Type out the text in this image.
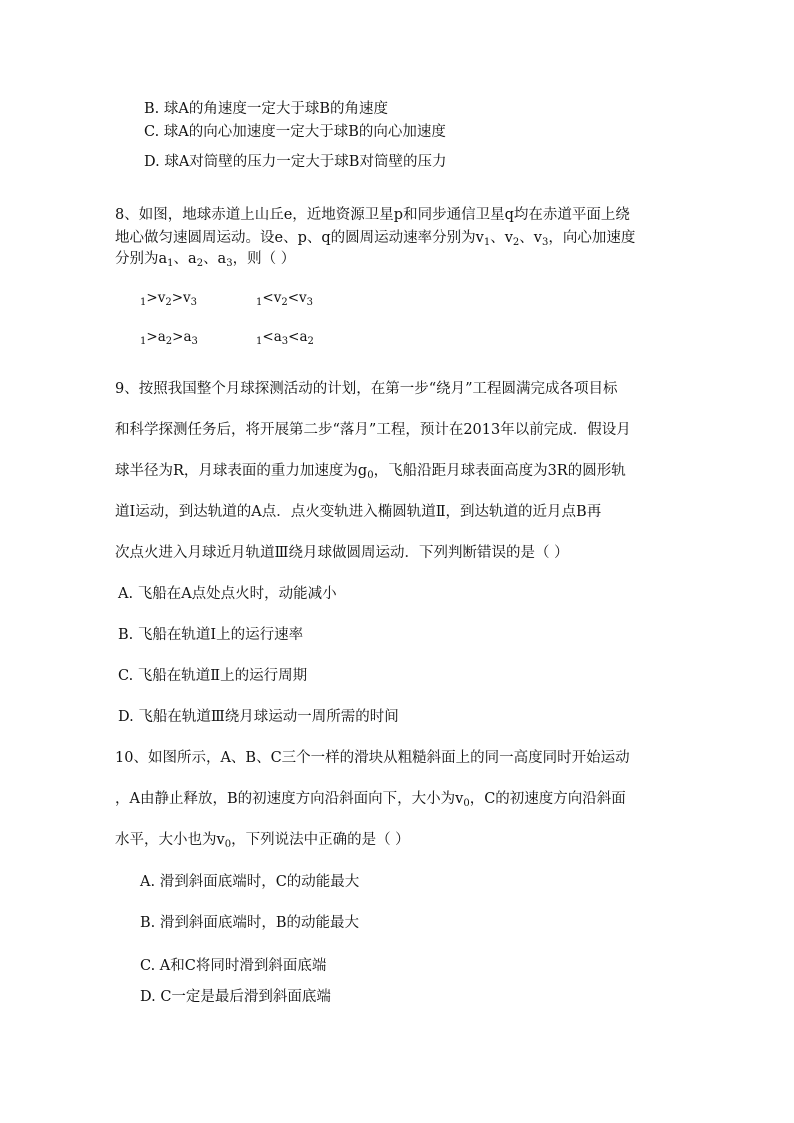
B. 球A的角速度一定大于球B的角速度
C. 球A的向心加速度一定大于球B的向心加速度
D. 球A对筒壁的压力一定大于球B对筒壁的压力
8、如图，地球赤道上山丘e，近地资源卫星p和同步通信卫星q均在赤道平面上绕
地心做匀速圆周运动。设e、p、q的圆周运动速率分别为$v_1$、$v_2$、$v_3$，向心加速度
分别为$a_1$、$a_2$、$a_3$，则（ ）
$_1>v_2>v_3$	$_1<v_2<v_3$
$_1>a_2>a_3$	$_1<a_3<a_2$
9、按照我国整个月球探测活动的计划，在第一步“绕月”工程圆满完成各项目标
和科学探测任务后，将开展第二步“落月”工程，预计在2013年以前完成．假设月
球半径为R，月球表面的重力加速度为$g_0$，飞船沿距月球表面高度为3R的圆形轨
道Ⅰ运动，到达轨道的A点．点火变轨进入椭圆轨道Ⅱ，到达轨道的近月点B再
次点火进入月球近月轨道Ⅲ绕月球做圆周运动．下列判断错误的是（ ）
A. 飞船在A点处点火时，动能减小
B. 飞船在轨道Ⅰ上的运行速率
C. 飞船在轨道Ⅱ上的运行周期
D. 飞船在轨道Ⅲ绕月球运动一周所需的时间
10、如图所示，A、B、C三个一样的滑块从粗糙斜面上的同一高度同时开始运动
，A由静止释放，B的初速度方向沿斜面向下，大小为$v_0$，C的初速度方向沿斜面
水平，大小也为$v_0$，下列说法中正确的是（ ）
A. 滑到斜面底端时，C的动能最大
B. 滑到斜面底端时，B的动能最大
C. A和C将同时滑到斜面底端
D. C一定是最后滑到斜面底端
